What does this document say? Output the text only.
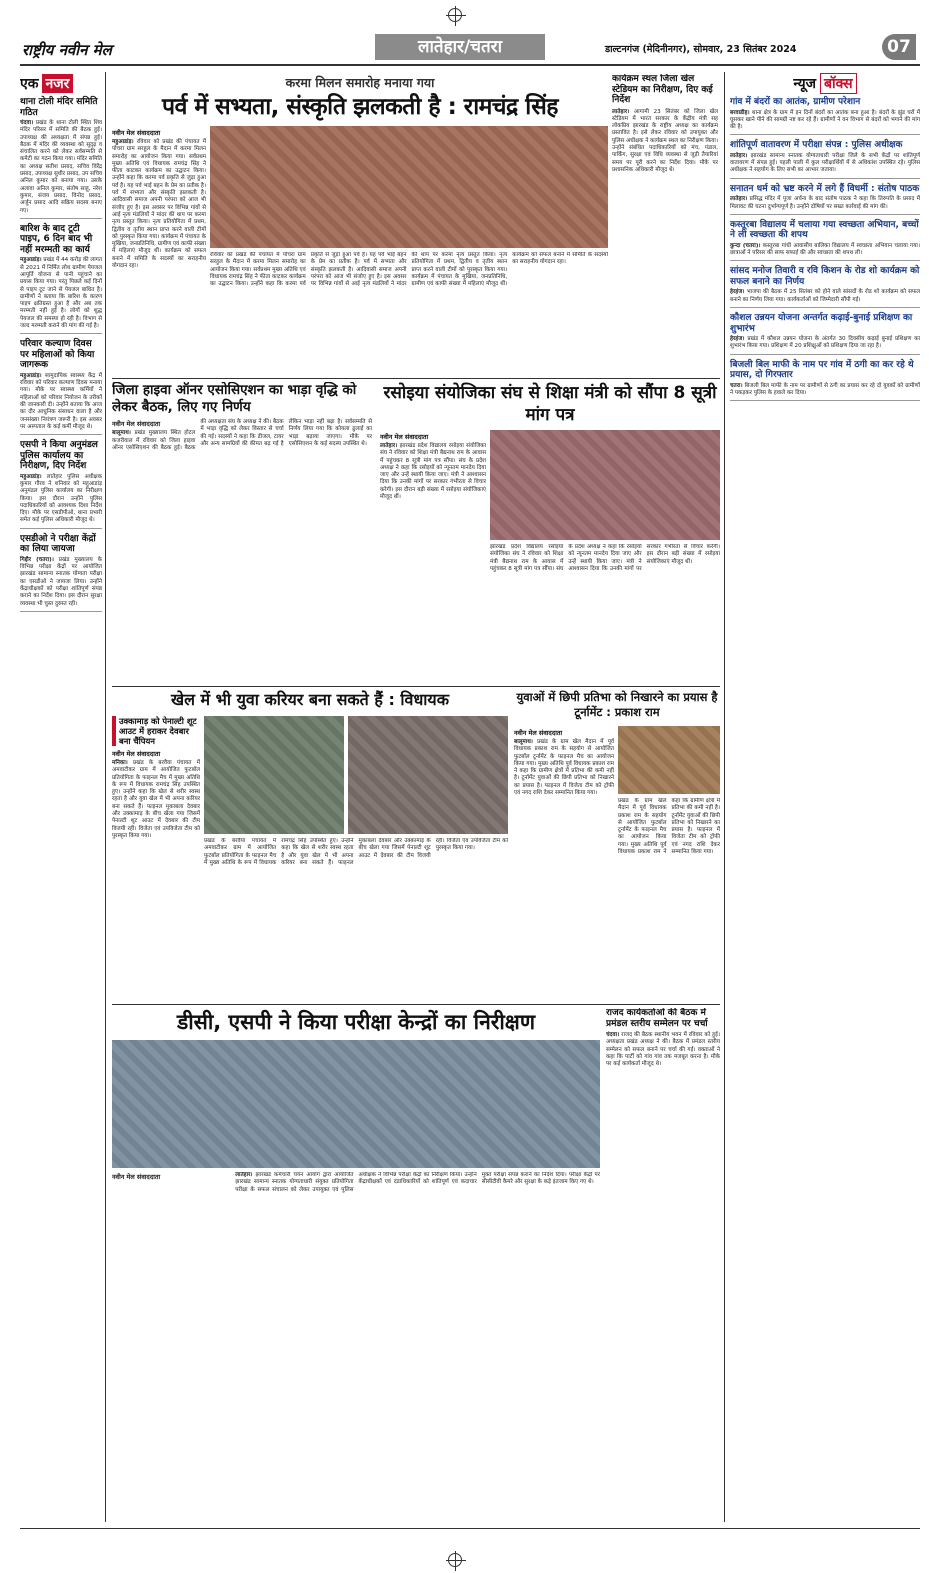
राष्ट्रीय नवीन मेल	लातेहार/चतरा	डाल्टनगंज (मेदिनीनगर), सोमवार, 23 सितंबर 2024	07
एक नजर
थाना टोली मंदिर समिति गठित
चंदवा। प्रखंड के थाना टोली स्थित शिव मंदिर परिसर में समिति की बैठक हुई। उपाध्यक्ष की अध्यक्षता में संपन्न हुई। बैठक में मंदिर की व्यवस्था को सुदृढ़ व संचालित करने को लेकर सर्वसम्मति से कमेटी का गठन किया गया। मंदिर समिति का अध्यक्ष सतीश प्रसाद, सचिव विरेंद्र प्रसाद, उपाध्यक्ष सुधीर प्रसाद, उप सचिव अनिल कुमार को बनाया गया। उसके अलावा अनिल कुमार, संतोष साहू, नरेश कुमार, संजय प्रसाद, विनोद प्रसाद, अर्जुन प्रसाद आदि सक्रिय सदस्य बनाए गए।
बारिश के बाद टूटी पाइप, 6 दिन बाद भी नहीं मरम्मती का कार्य
महुआडांड़। प्रखंड में 44 करोड़ की लागत से 2021 में निर्मित लोध ग्रामीण पेयजल आपूर्ति योजना से पानी पहुंचाने का प्रयास किया गया। परंतु पिछले कई दिनों से पाइप टूट जाने से पेयजल बाधित है। ग्रामीणों ने बताया कि बारिश के कारण पाइप क्षतिग्रस्त हुआ है और अब तक मरम्मती नहीं हुई है। लोगों को शुद्ध पेयजल की समस्या हो रही है। विभाग से जल्द मरम्मती कराने की मांग की गई है।
परिवार कल्याण दिवस पर महिलाओं को किया जागरूक
महुआडांड़। सामुदायिक स्वास्थ्य केंद्र में रविवार को परिवार कल्याण दिवस मनाया गया। मौके पर स्वास्थ्य कर्मियों ने महिलाओं को परिवार नियोजन के तरीकों की जानकारी दी। उन्होंने बताया कि आज का दौर आधुनिक संसाधन वाला है और जनसंख्या नियंत्रण जरूरी है। इस अवसर पर अस्पताल के कई कर्मी मौजूद थे।
एसपी ने किया अनुमंडल पुलिस कार्यालय का निरीक्षण, दिए निर्देश
महुआडांड़। लातेहार पुलिस अधीक्षक कुमार गौरव ने शनिवार को महुआडांड़ अनुमंडल पुलिस कार्यालय का निरीक्षण किया। इस दौरान उन्होंने पुलिस पदाधिकारियों को आवश्यक दिशा निर्देश दिए। मौके पर एसडीपीओ, थाना प्रभारी समेत कई पुलिस अधिकारी मौजूद थे।
एसडीओ ने परीक्षा केंद्रों का लिया जायजा
गिद्दौर (चतरा)। प्रखंड मुख्यालय के विभिन्न परीक्षा केंद्रों पर आयोजित झारखंड सामान्य स्नातक योग्यता परीक्षा का एसडीओ ने जायजा लिया। उन्होंने केंद्राधीक्षकों को परीक्षा शांतिपूर्ण संपन्न कराने का निर्देश दिया। इस दौरान सुरक्षा व्यवस्था भी चुस्त दुरुस्त रही।
करमा मिलन समारोह मनाया गया
पर्व में सभ्यता, संस्कृति झलकती है : रामचंद्र सिंह
नवीन मेल संवाददाता
महुआडांड़। रविवार को प्रखंड की पंचायत में पोचरा ग्राम सरहुल के मैदान में करमा मिलन समारोह का आयोजन किया गया। सर्वप्रथम मुख्य अतिथि एवं विधायक रामचंद्र सिंह ने फीता काटकर कार्यक्रम का उद्घाटन किया। उन्होंने कहा कि करमा पर्व प्रकृति से जुड़ा हुआ पर्व है। यह पर्व भाई बहन के प्रेम का प्रतीक है। पर्व में सभ्यता और संस्कृति झलकती है। आदिवासी समाज अपनी परंपरा को आज भी संजोए हुए है। इस अवसर पर विभिन्न गांवों से आई नृत्य मंडलियों ने मांदर की थाप पर करमा नृत्य प्रस्तुत किया। नृत्य प्रतियोगिता में प्रथम, द्वितीय व तृतीय स्थान प्राप्त करने वाली टीमों को पुरस्कृत किया गया। कार्यक्रम में पंचायत के मुखिया, जनप्रतिनिधि, ग्रामीण एवं काफी संख्या में महिलाएं मौजूद थीं। कार्यक्रम को सफल बनाने में समिति के सदस्यों का सराहनीय योगदान रहा।
रविवार को प्रखंड की पंचायत में पोचरा ग्राम सरहुल के मैदान में करमा मिलन समारोह का आयोजन किया गया। सर्वप्रथम मुख्य अतिथि एवं विधायक रामचंद्र सिंह ने फीता काटकर कार्यक्रम का उद्घाटन किया। उन्होंने कहा कि करमा पर्व प्रकृति से जुड़ा हुआ पर्व है। यह पर्व भाई बहन के प्रेम का प्रतीक है। पर्व में सभ्यता और संस्कृति झलकती है। आदिवासी समाज अपनी परंपरा को आज भी संजोए हुए है। इस अवसर पर विभिन्न गांवों से आई नृत्य मंडलियों ने मांदर की थाप पर करमा नृत्य प्रस्तुत किया। नृत्य प्रतियोगिता में प्रथम, द्वितीय व तृतीय स्थान प्राप्त करने वाली टीमों को पुरस्कृत किया गया। कार्यक्रम में पंचायत के मुखिया, जनप्रतिनिधि, ग्रामीण एवं काफी संख्या में महिलाएं मौजूद थीं। कार्यक्रम को सफल बनाने में समिति के सदस्यों का सराहनीय योगदान रहा।
कार्यक्रम स्थल जिला खेल स्टेडियम का निरीक्षण, दिए कई निर्देश
लातेहार। आगामी 23 सितंबर को जिला खेल स्टेडियम में भारत सरकार के केंद्रीय मंत्री सह लोकप्रिय झारखंड के राष्ट्रीय अध्यक्ष का कार्यक्रम प्रस्तावित है। इसे लेकर रविवार को उपायुक्त और पुलिस अधीक्षक ने कार्यक्रम स्थल का निरीक्षण किया। उन्होंने संबंधित पदाधिकारियों को मंच, पंडाल, पार्किंग, सुरक्षा एवं विधि व्यवस्था से जुड़ी तैयारियां समय पर पूरी करने का निर्देश दिया। मौके पर प्रशासनिक अधिकारी मौजूद थे।
जिला हाइवा ऑनर एसोसिएशन का भाड़ा वृद्धि को लेकर बैठक, लिए गए निर्णय
नवीन मेल संवाददाता
बालूमाथ। प्रखंड मुख्यालय स्थित होटल कजरीवाल में रविवार को जिला हाइवा ऑनर एसोसिएशन की बैठक हुई। बैठक की अध्यक्षता संघ के अध्यक्ष ने की। बैठक में भाड़ा वृद्धि को लेकर विस्तार से चर्चा की गई। सदस्यों ने कहा कि डीजल, टायर और अन्य सामग्रियों की कीमत बढ़ गई है लेकिन भाड़ा नहीं बढ़ा है। सर्वसम्मति से निर्णय लिया गया कि कोयला ढुलाई का भाड़ा बढ़ाया जाएगा। मौके पर एसोसिएशन के कई सदस्य उपस्थित थे।
रसोइया संयोजिका संघ से शिक्षा मंत्री को सौंपा 8 सूत्री मांग पत्र
नवीन मेल संवाददाता
लातेहार। झारखंड प्रदेश विद्यालय रसोइया संयोजिका संघ ने रविवार को शिक्षा मंत्री बैद्यनाथ राम के आवास में पहुंचकर 8 सूत्री मांग पत्र सौंपा। संघ के प्रदेश अध्यक्ष ने कहा कि रसोइयों को न्यूनतम मानदेय दिया जाए और उन्हें स्थायी किया जाए। मंत्री ने आश्वासन दिया कि उनकी मांगों पर सरकार गंभीरता से विचार करेगी। इस दौरान बड़ी संख्या में रसोइया संयोजिकाएं मौजूद थीं।
झारखंड प्रदेश विद्यालय रसोइया संयोजिका संघ ने रविवार को शिक्षा मंत्री बैद्यनाथ राम के आवास में पहुंचकर 8 सूत्री मांग पत्र सौंपा। संघ के प्रदेश अध्यक्ष ने कहा कि रसोइयों को न्यूनतम मानदेय दिया जाए और उन्हें स्थायी किया जाए। मंत्री ने आश्वासन दिया कि उनकी मांगों पर सरकार गंभीरता से विचार करेगी। इस दौरान बड़ी संख्या में रसोइया संयोजिकाएं मौजूद थीं।
खेल में भी युवा करियर बना सकते हैं : विधायक
उक्कामाड़ को पेनाल्टी शूट आउट में हराकर देवबार बना चैंपियन
नवीन मेल संवाददाता
मनिका। प्रखंड के बरवैया पंचायत में अमवाटीकर ग्राम में आयोजित फुटबॉल प्रतियोगिता के फाइनल मैच में मुख्य अतिथि के रूप में विधायक रामचंद्र सिंह उपस्थित हुए। उन्होंने कहा कि खेल से शरीर स्वस्थ रहता है और युवा खेल में भी अपना करियर बना सकते हैं। फाइनल मुकाबला देवबार और उक्कामाड़ के बीच खेला गया जिसमें पेनाल्टी शूट आउट में देवबार की टीम विजयी रही। विजेता एवं उपविजेता टीम को पुरस्कृत किया गया।
प्रखंड के बरवैया पंचायत में अमवाटीकर ग्राम में आयोजित फुटबॉल प्रतियोगिता के फाइनल मैच में मुख्य अतिथि के रूप में विधायक रामचंद्र सिंह उपस्थित हुए। उन्होंने कहा कि खेल से शरीर स्वस्थ रहता है और युवा खेल में भी अपना करियर बना सकते हैं। फाइनल मुकाबला देवबार और उक्कामाड़ के बीच खेला गया जिसमें पेनाल्टी शूट आउट में देवबार की टीम विजयी रही। विजेता एवं उपविजेता टीम को पुरस्कृत किया गया।
युवाओं में छिपी प्रतिभा को निखारने का प्रयास है टूर्नामेंट : प्रकाश राम
नवीन मेल संवाददाता
बालूमाथ। प्रखंड के ग्राम खेल मैदान में पूर्व विधायक प्रकाश राम के सहयोग से आयोजित फुटबॉल टूर्नामेंट के फाइनल मैच का आयोजन किया गया। मुख्य अतिथि पूर्व विधायक प्रकाश राम ने कहा कि ग्रामीण क्षेत्रों में प्रतिभा की कमी नहीं है। टूर्नामेंट युवाओं की छिपी प्रतिभा को निखारने का प्रयास है। फाइनल में विजेता टीम को ट्रॉफी एवं नगद राशि देकर सम्मानित किया गया।
प्रखंड के ग्राम खेल मैदान में पूर्व विधायक प्रकाश राम के सहयोग से आयोजित फुटबॉल टूर्नामेंट के फाइनल मैच का आयोजन किया गया। मुख्य अतिथि पूर्व विधायक प्रकाश राम ने कहा कि ग्रामीण क्षेत्रों में प्रतिभा की कमी नहीं है। टूर्नामेंट युवाओं की छिपी प्रतिभा को निखारने का प्रयास है। फाइनल में विजेता टीम को ट्रॉफी एवं नगद राशि देकर सम्मानित किया गया।
डीसी, एसपी ने किया परीक्षा केन्द्रों का निरीक्षण
नवीन मेल संवाददाता	लातेहार। झारखंड कर्मचारी चयन आयोग द्वारा आयोजित झारखंड सामान्य स्नातक योग्यताधारी संयुक्त प्रतियोगिता परीक्षा के सफल संचालन को लेकर उपायुक्त एवं पुलिस अधीक्षक ने विभिन्न परीक्षा केंद्रों का निरीक्षण किया। उन्होंने केंद्राधीक्षकों एवं दंडाधिकारियों को शांतिपूर्ण एवं कदाचार मुक्त परीक्षा संपन्न कराने का निर्देश दिया। परीक्षा केंद्रों पर सीसीटीवी कैमरे और सुरक्षा के कड़े इंतजाम किए गए थे।
राजद कार्यकर्ताओं की बैठक में प्रमंडल स्तरीय सम्मेलन पर चर्चा
चंदवा। राजद की बैठक स्थानीय भवन में रविवार को हुई। अध्यक्षता प्रखंड अध्यक्ष ने की। बैठक में प्रमंडल स्तरीय सम्मेलन को सफल बनाने पर चर्चा की गई। वक्ताओं ने कहा कि पार्टी को गांव गांव तक मजबूत करना है। मौके पर कई कार्यकर्ता मौजूद थे।
न्यूज बॉक्स
गांव में बंदरों का आतंक, ग्रामीण परेशान
बरवाडीह। थाना क्षेत्र के ग्राम में इन दिनों बंदरों का आतंक बना हुआ है। बंदरों के झुंड घरों में घुसकर खाने पीने की सामग्री नष्ट कर रहे हैं। ग्रामीणों ने वन विभाग से बंदरों को भगाने की मांग की है।
शांतिपूर्ण वातावरण में परीक्षा संपन्न : पुलिस अधीक्षक
लातेहार। झारखंड सामान्य स्नातक योग्यताधारी परीक्षा जिले के सभी केंद्रों पर शांतिपूर्ण वातावरण में संपन्न हुई। पहली पाली में कुल परीक्षार्थियों में से अधिकांश उपस्थित रहे। पुलिस अधीक्षक ने सहयोग के लिए सभी का आभार जताया।
सनातन धर्म को भ्रष्ट करने में लगे हैं विधर्मी : संतोष पाठक
लातेहार। प्रसिद्ध मंदिर में पूजा अर्चना के बाद संतोष पाठक ने कहा कि तिरुपति के प्रसाद में मिलावट की घटना दुर्भाग्यपूर्ण है। उन्होंने दोषियों पर सख्त कार्रवाई की मांग की।
कस्तूरबा विद्यालय में चलाया गया स्वच्छता अभियान, बच्चों ने ली स्वच्छता की शपथ
कुन्दा (चतरा)। कस्तूरबा गांधी आवासीय बालिका विद्यालय में स्वच्छता अभियान चलाया गया। छात्राओं ने परिसर की साफ सफाई की और स्वच्छता की शपथ ली।
सांसद मनोज तिवारी व रवि किशन के रोड शो कार्यक्रम को सफल बनाने का निर्णय
हेरहंज। भाजपा की बैठक में 25 सितंबर को होने वाले सांसदों के रोड शो कार्यक्रम को सफल बनाने का निर्णय लिया गया। कार्यकर्ताओं को जिम्मेदारी सौंपी गई।
कौशल उन्नयन योजना अन्तर्गत कढ़ाई-बुनाई प्रशिक्षण का शुभारंभ
हेरहंज। प्रखंड में कौशल उन्नयन योजना के अंतर्गत 30 दिवसीय कढ़ाई बुनाई प्रशिक्षण का शुभारंभ किया गया। प्रशिक्षण में 20 प्रशिक्षुओं को प्रशिक्षण दिया जा रहा है।
बिजली बिल माफी के नाम पर गांव में ठगी का कर रहे थे प्रयास, दो गिरफ्तार
चतरा। बिजली बिल माफी के नाम पर ग्रामीणों से ठगी का प्रयास कर रहे दो युवकों को ग्रामीणों ने पकड़कर पुलिस के हवाले कर दिया।
